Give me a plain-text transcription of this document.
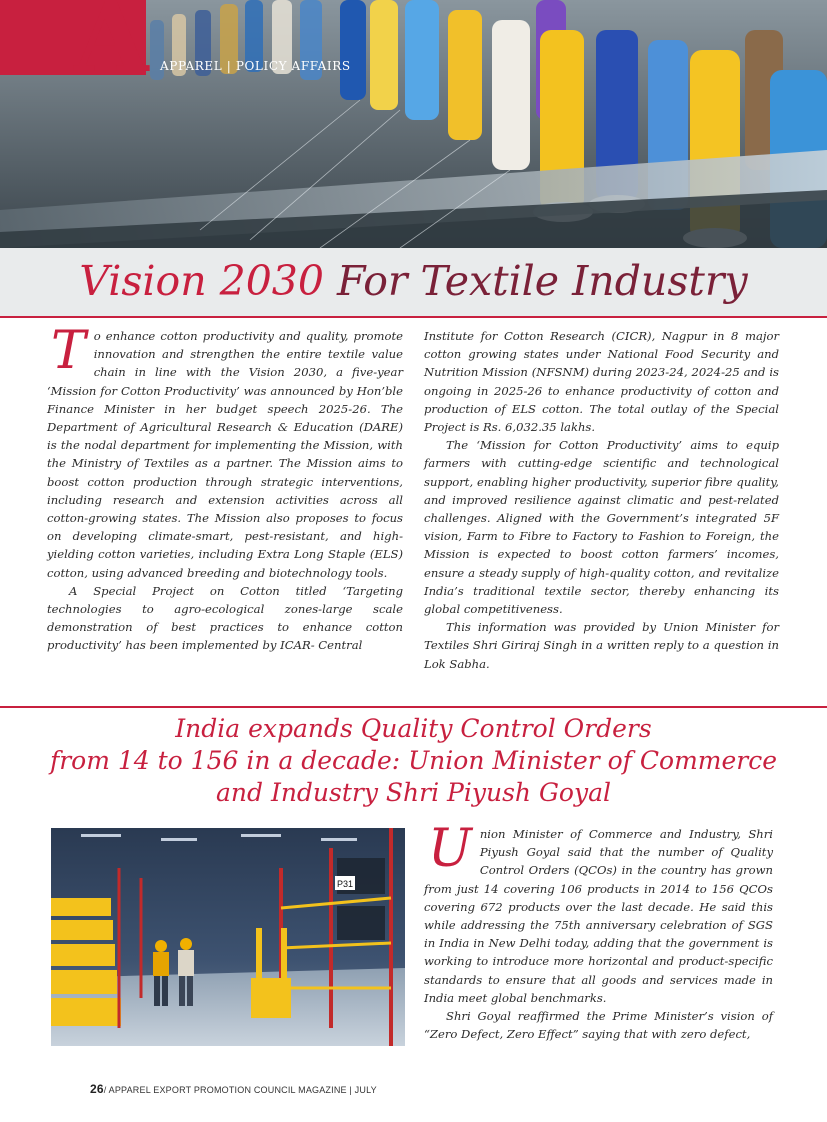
A APPAREL | POLICY AFFAIRS
Vision 2030 For Textile Industry

T o enhance cotton productivity and quality, promote innovation and strengthen the entire textile value chain in line with the Vision 2030, a five-year ‘Mission for Cotton Productivity’ was announced by Hon’ble Finance Minister in her budget speech 2025-26. The Department of Agricultural Research & Education (DARE) is the nodal department for implementing the Mission, with the Ministry of Textiles as a partner. The Mission aims to boost cotton production through strategic interventions, including research and extension activities across all cotton-growing states. The Mission also proposes to focus on developing climate-smart, pest-resistant, and high-yielding cotton varieties, including Extra Long Staple (ELS) cotton, using advanced breeding and biotechnology tools.

A Special Project on Cotton titled ‘Targeting technologies to agro-ecological zones-large scale demonstration of best practices to enhance cotton productivity’ has been implemented by ICAR- Central

Institute for Cotton Research (CICR), Nagpur in 8 major cotton growing states under National Food Security and Nutrition Mission (NFSNM) during 2023-24, 2024-25 and is ongoing in 2025-26 to enhance productivity of cotton and production of ELS cotton. The total outlay of the Special Project is Rs. 6,032.35 lakhs.

The ‘Mission for Cotton Productivity’ aims to equip farmers with cutting-edge scientific and technological support, enabling higher productivity, superior fibre quality, and improved resilience against climatic and pest-related challenges. Aligned with the Government’s integrated 5F vision, Farm to Fibre to Factory to Fashion to Foreign, the Mission is expected to boost cotton farmers’ incomes, ensure a steady supply of high-quality cotton, and revitalize India’s traditional textile sector, thereby enhancing its global competitiveness.

This information was provided by Union Minister for Textiles Shri Giriraj Singh in a written reply to a question in Lok Sabha.

India expands Quality Control Orders
from 14 to 156 in a decade: Union Minister of Commerce
and Industry Shri Piyush Goyal
P31

U nion Minister of Commerce and Industry, Shri Piyush Goyal said that the number of Quality Control Orders (QCOs) in the country has grown from just 14 covering 106 products in 2014 to 156 QCOs covering 672 products over the last decade. He said this while addressing the 75th anniversary celebration of SGS in India in New Delhi today, adding that the government is working to introduce more horizontal and product-specific standards to ensure that all goods and services made in India meet global benchmarks.

Shri Goyal reaffirmed the Prime Minister’s vision of “Zero Defect, Zero Effect” saying that with zero defect,

26/ APPAREL EXPORT PROMOTION COUNCIL MAGAZINE | JULY
